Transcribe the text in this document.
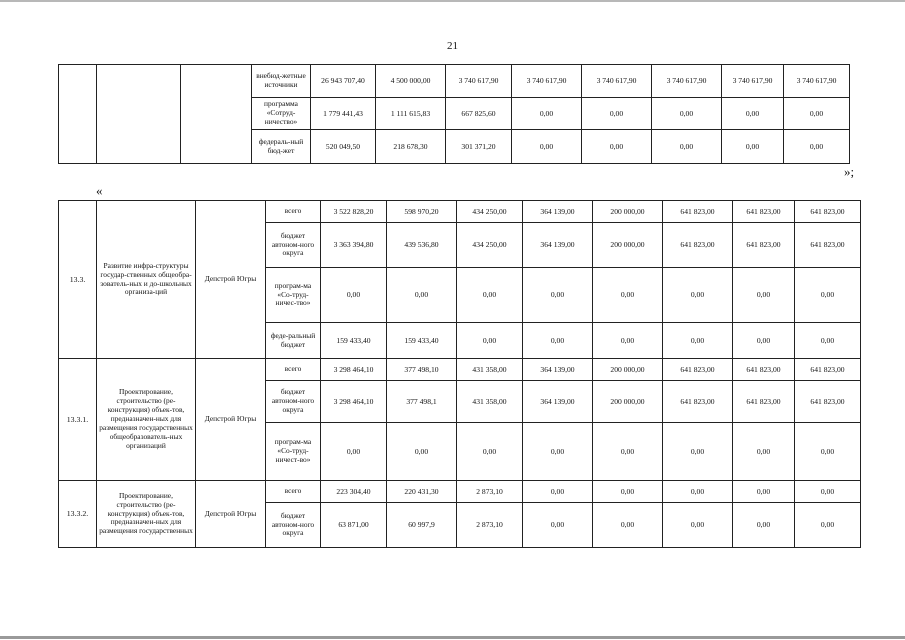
21
			внебюд-жетные источники	26 943 707,40	4 500 000,00	3 740 617,90	3 740 617,90	3 740 617,90	3 740 617,90	3 740 617,90	3 740 617,90
			программа «Сотруд-ничество»	1 779 441,43	1 111 615,83	667 825,60	0,00	0,00	0,00	0,00	0,00
			федераль-ный бюд-жет	520 049,50	218 678,30	301 371,20	0,00	0,00	0,00	0,00	0,00
»;
«
13.3.	Развитие инфра-структуры государ-ственных общеобра-зователь-ных и до-школьных организа-ций	Депстрой Югры	всего	3 522 828,20	598 970,20	434 250,00	364 139,00	200 000,00	641 823,00	641 823,00	641 823,00
			бюджет автоном-ного округа	3 363 394,80	439 536,80	434 250,00	364 139,00	200 000,00	641 823,00	641 823,00	641 823,00
			програм-ма «Со-труд-ничес-тво»	0,00	0,00	0,00	0,00	0,00	0,00	0,00	0,00
			феде-ральный бюджет	159 433,40	159 433,40	0,00	0,00	0,00	0,00	0,00	0,00
13.3.1.	Проектирование, строительство (ре-конструкция) объек-тов, предназначен-ных для размещения государственных общеобразователь-ных организаций	Депстрой Югры	всего	3 298 464,10	377 498,10	431 358,00	364 139,00	200 000,00	641 823,00	641 823,00	641 823,00
			бюджет автоном-ного округа	3 298 464,10	377 498,1	431 358,00	364 139,00	200 000,00	641 823,00	641 823,00	641 823,00
			програм-ма «Со-труд-ничест-во»	0,00	0,00	0,00	0,00	0,00	0,00	0,00	0,00
13.3.2.	Проектирование, строительство (ре-конструкция) объек-тов, предназначен-ных для размещения государственных	Депстрой Югры	всего	223 304,40	220 431,30	2 873,10	0,00	0,00	0,00	0,00	0,00
			бюджет автоном-ного округа	63 871,00	60 997,9	2 873,10	0,00	0,00	0,00	0,00	0,00
